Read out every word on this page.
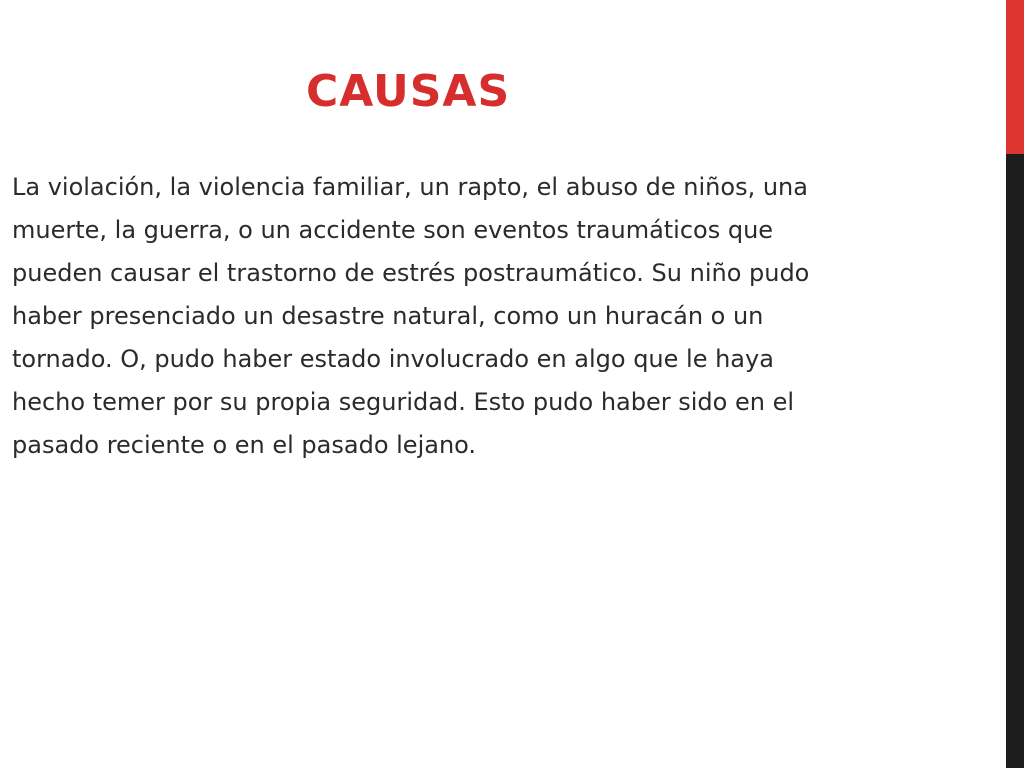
CAUSAS

La violación, la violencia familiar, un rapto, el abuso de niños, una
muerte, la guerra, o un accidente son eventos traumáticos que
pueden causar el trastorno de estrés postraumático. Su niño pudo
haber presenciado un desastre natural, como un huracán o un
tornado. O, pudo haber estado involucrado en algo que le haya
hecho temer por su propia seguridad. Esto pudo haber sido en el
pasado reciente o en el pasado lejano.
